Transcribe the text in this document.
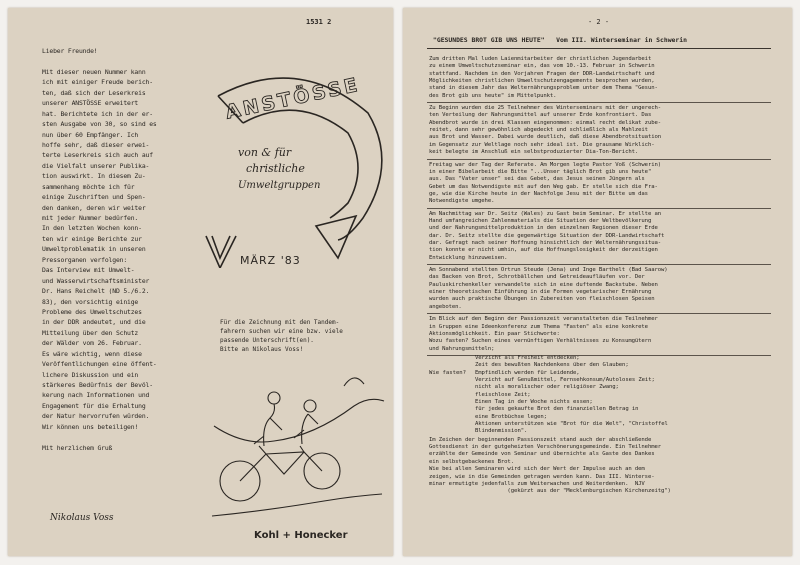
1531 2
Lieber Freunde!
Mit dieser neuen Nummer kann
ich mit einiger Freude berich-
ten, daß sich der Leserkreis
unserer ANSTÖSSE erweitert
hat. Berichtete ich in der er-
sten Ausgabe von 30, so sind es
nun über 60 Empfänger. Ich
hoffe sehr, daß dieser erwei-
terte Leserkreis sich auch auf
die Vielfalt unserer Publika-
tion auswirkt. In diesem Zu-
sammenhang möchte ich für
einige Zuschriften und Spen-
den danken, deren wir weiter
mit jeder Nummer bedürfen.
In den letzten Wochen konn-
ten wir einige Berichte zur
Umweltproblematik in unseren
Pressorganen verfolgen:
Das Interview mit Umwelt-
und Wasserwirtschaftsminister
Dr. Hans Reichelt (ND 5./6.2.
83), den vorsichtig einige
Probleme des Umweltschutzes
in der DDR andeutet, und die
Mitteilung über den Schutz
der Wälder vom 26. Februar.
Es wäre wichtig, wenn diese
Veröffentlichungen eine öffent-
lichere Diskussion und ein
stärkeres Bedürfnis der Bevöl-
kerung nach Informationen und
Engagement für die Erhaltung
der Natur hervorrufen würden.
Wir können uns beteiligen!
Mit herzlichem Gruß
ANSTÖSSE
von & für
christliche
Umweltgruppen
MÄRZ '83
Für die Zeichnung mit den Tandem-
fahrern suchen wir eine bzw. viele
passende Unterschrift(en).
Bitte an Nikolaus Voss!
Kohl + Honecker
Nikolaus Voss
- 2 -
"GESUNDES BROT GIB UNS HEUTE"   Vom III. Winterseminar in Schwerin
Zum dritten Mal luden Laienmitarbeiter der christlichen Jugendarbeit
zu einem Umweltschutzseminar ein, das vom 10.-13. Februar in Schwerin
stattfand. Nachdem in den Vorjahren Fragen der DDR-Landwirtschaft und
Möglichkeiten christlichen Umweltschutzengagements besprochen wurden,
stand in diesem Jahr das Welternährungsproblem unter dem Thema "Gesun-
des Brot gib uns heute" im Mittelpunkt.
Zu Beginn wurden die 25 Teilnehmer des Winterseminars mit der ungerech-
ten Verteilung der Nahrungsmittel auf unserer Erde konfrontiert. Das
Abendbrot wurde in drei Klassen eingenommen: einmal recht delikat zube-
reitet, dann sehr gewöhnlich abgedeckt und schließlich als Mahlzeit
aus Brot und Wasser. Dabei wurde deutlich, daß diese Abendbrotsituation
im Gegensatz zur Weltlage noch sehr ideal ist. Die grausame Wirklich-
keit belegte im Anschluß ein selbstproduzierter Dia-Ton-Bericht.
Freitag war der Tag der Referate. Am Morgen legte Pastor Voß (Schwerin)
in einer Bibelarbeit die Bitte "...Unser täglich Brot gib uns heute"
aus. Das "Vater unser" sei das Gebet, das Jesus seinen Jüngern als
Gebet um das Notwendigste mit auf den Weg gab. Er stelle sich die Fra-
ge, wie die Kirche heute in der Nachfolge Jesu mit der Bitte um das
Notwendigste umgehe.
Am Nachmittag war Dr. Seitz (Wales) zu Gast beim Seminar. Er stellte an
Hand umfangreichen Zahlenmaterials die Situation der Weltbevölkerung
und der Nahrungsmittelproduktion in den einzelnen Regionen dieser Erde
dar. Dr. Seitz stellte die gegenwärtige Situation der DDR-Landwirtschaft
dar. Gefragt nach seiner Hoffnung hinsichtlich der Welternährungssitua-
tion konnte er nicht umhin, auf die Hoffnungslosigkeit der derzeitigen
Entwicklung hinzuweisen.
Am Sonnabend stellten Ortrun Steude (Jena) und Inge Barthelt (Bad Saarow)
das Backen von Brot, Schrotbällchen und Getreideaufläufen vor. Der
Pauluskirchenkeller verwandelte sich in eine duftende Backstube. Neben
einer theoretischen Einführung in die Formen vegetarischer Ernährung
wurden auch praktische Übungen in Zubereiten von fleischlosen Speisen
angeboten.
Im Blick auf den Beginn der Passionszeit veranstalteten die Teilnehmer
in Gruppen eine Ideenkonferenz zum Thema "Fasten" als eine konkrete
Aktionsmöglichkeit. Ein paar Stichworte:
Wozu fasten? Suchen eines vernünftigen Verhältnisses zu Konsumgütern
und Nahrungsmitteln;
Wie fasten?
Verzicht als Freiheit entdecken;
Zeit des bewußten Nachdenkens über den Glauben;
Empfindlich werden für Leidende,
Verzicht auf Genußmittel, Fernsehkonsum/Autoloses Zeit;
nicht als moralischer oder religiöser Zwang;
fleischlose Zeit;
Einen Tag in der Woche nichts essen;
für jedes gekaufte Brot den finanziellen Betrag in
eine Brotbüchse legen;
Aktionen unterstützen wie "Brot für die Welt", "Christoffel
Blindenmission".
Im Zeichen der beginnenden Passionszeit stand auch der abschließende
Gottesdienst in der gutgeheizten Verschönerungsgemeinde. Ein Teilnehmer
erzählte der Gemeinde von Seminar und übernichte als Gaste des Dankes
ein selbstgebackenes Brot.
Wie bei allen Seminaren wird sich der Wert der Impulse auch an dem
zeigen, wie in die Gemeinden getragen werden kann. Das III. Winterse-
minar ermutigte jedenfalls zum Weiterwachen und Weiterdenken.  NJV
(gekürzt aus der "Mecklenburgischen Kirchenzeitg")
